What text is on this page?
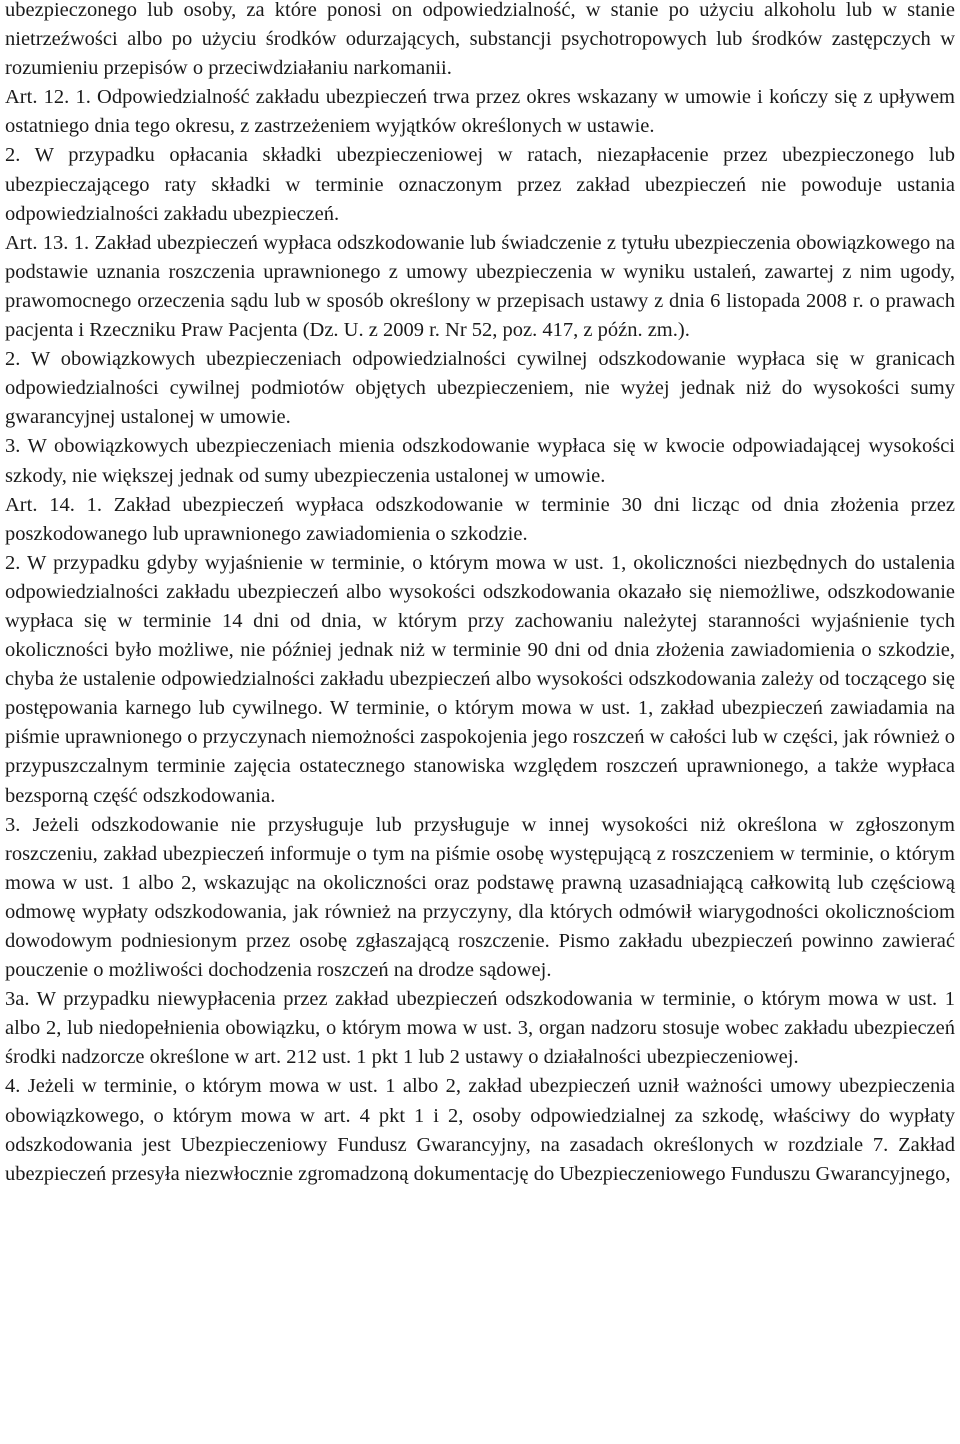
ubezpieczonego lub osoby, za które ponosi on odpowiedzialność, w stanie po użyciu alkoholu lub w stanie nietrzeźwości albo po użyciu środków odurzających, substancji psychotropowych lub środków zastępczych w rozumieniu przepisów o przeciwdziałaniu narkomanii.

Art. 12. 1. Odpowiedzialność zakładu ubezpieczeń trwa przez okres wskazany w umowie i kończy się z upływem ostatniego dnia tego okresu, z zastrzeżeniem wyjątków określonych w ustawie.

2. W przypadku opłacania składki ubezpieczeniowej w ratach, niezapłacenie przez ubezpieczonego lub ubezpieczającego raty składki w terminie oznaczonym przez zakład ubezpieczeń nie powoduje ustania odpowiedzialności zakładu ubezpieczeń.

Art. 13. 1. Zakład ubezpieczeń wypłaca odszkodowanie lub świadczenie z tytułu ubezpieczenia obowiązkowego na podstawie uznania roszczenia uprawnionego z umowy ubezpieczenia w wyniku ustaleń, zawartej z nim ugody, prawomocnego orzeczenia sądu lub w sposób określony w przepisach ustawy z dnia 6 listopada 2008 r. o prawach pacjenta i Rzeczniku Praw Pacjenta (Dz. U. z 2009 r. Nr 52, poz. 417, z późn. zm.).

2. W obowiązkowych ubezpieczeniach odpowiedzialności cywilnej odszkodowanie wypłaca się w granicach odpowiedzialności cywilnej podmiotów objętych ubezpieczeniem, nie wyżej jednak niż do wysokości sumy gwarancyjnej ustalonej w umowie.

3. W obowiązkowych ubezpieczeniach mienia odszkodowanie wypłaca się w kwocie odpowiadającej wysokości szkody, nie większej jednak od sumy ubezpieczenia ustalonej w umowie.

Art. 14. 1. Zakład ubezpieczeń wypłaca odszkodowanie w terminie 30 dni licząc od dnia złożenia przez poszkodowanego lub uprawnionego zawiadomienia o szkodzie.

2. W przypadku gdyby wyjaśnienie w terminie, o którym mowa w ust. 1, okoliczności niezbędnych do ustalenia odpowiedzialności zakładu ubezpieczeń albo wysokości odszkodowania okazało się niemożliwe, odszkodowanie wypłaca się w terminie 14 dni od dnia, w którym przy zachowaniu należytej staranności wyjaśnienie tych okoliczności było możliwe, nie później jednak niż w terminie 90 dni od dnia złożenia zawiadomienia o szkodzie, chyba że ustalenie odpowiedzialności zakładu ubezpieczeń albo wysokości odszkodowania zależy od toczącego się postępowania karnego lub cywilnego. W terminie, o którym mowa w ust. 1, zakład ubezpieczeń zawiadamia na piśmie uprawnionego o przyczynach niemożności zaspokojenia jego roszczeń w całości lub w części, jak również o przypuszczalnym terminie zajęcia ostatecznego stanowiska względem roszczeń uprawnionego, a także wypłaca bezsporną część odszkodowania.

3. Jeżeli odszkodowanie nie przysługuje lub przysługuje w innej wysokości niż określona w zgłoszonym roszczeniu, zakład ubezpieczeń informuje o tym na piśmie osobę występującą z roszczeniem w terminie, o którym mowa w ust. 1 albo 2, wskazując na okoliczności oraz podstawę prawną uzasadniającą całkowitą lub częściową odmowę wypłaty odszkodowania, jak również na przyczyny, dla których odmówił wiarygodności okolicznościom dowodowym podniesionym przez osobę zgłaszającą roszczenie. Pismo zakładu ubezpieczeń powinno zawierać pouczenie o możliwości dochodzenia roszczeń na drodze sądowej.

3a. W przypadku niewypłacenia przez zakład ubezpieczeń odszkodowania w terminie, o którym mowa w ust. 1 albo 2, lub niedopełnienia obowiązku, o którym mowa w ust. 3, organ nadzoru stosuje wobec zakładu ubezpieczeń środki nadzorcze określone w art. 212 ust. 1 pkt 1 lub 2 ustawy o działalności ubezpieczeniowej.

4. Jeżeli w terminie, o którym mowa w ust. 1 albo 2, zakład ubezpieczeń uznił ważności umowy ubezpieczenia obowiązkowego, o którym mowa w art. 4 pkt 1 i 2, osoby odpowiedzialnej za szkodę, właściwy do wypłaty odszkodowania jest Ubezpieczeniowy Fundusz Gwarancyjny, na zasadach określonych w rozdziale 7. Zakład ubezpieczeń przesyła niezwłocznie zgromadzoną dokumentację do Ubezpieczeniowego Funduszu Gwarancyjnego,
